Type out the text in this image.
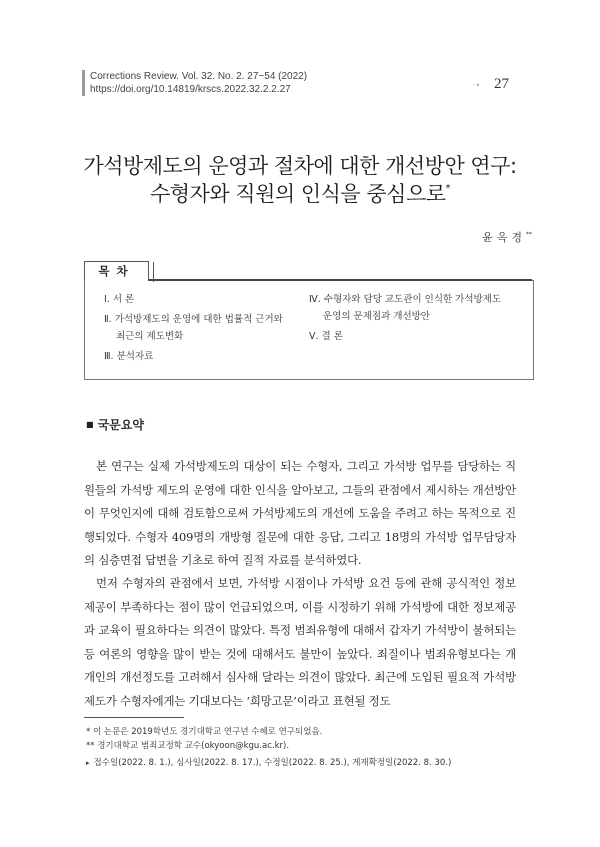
Corrections Review. Vol. 32. No. 2. 27~54 (2022)
https://doi.org/10.14819/krscs.2022.32.2.2.27	· ◂ 27
가석방제도의 운영과 절차에 대한 개선방안 연구:
수형자와 직원의 인식을 중심으로*
윤옥경**
목차
Ⅰ. 서 론
Ⅱ. 가석방제도의 운영에 대한 법률적 근거와
최근의 제도변화
Ⅲ. 분석자료
Ⅳ. 수형자와 담당 교도관이 인식한 가석방제도
운영의 문제점과 개선방안
Ⅴ. 결 론
■ 국문요약
본 연구는 실제 가석방제도의 대상이 되는 수형자, 그리고 가석방 업무를 담당하는 직원들의 가석방 제도의 운영에 대한 인식을 알아보고, 그들의 관점에서 제시하는 개선방안이 무엇인지에 대해 검토함으로써 가석방제도의 개선에 도움을 주려고 하는 목적으로 진행되었다. 수형자 409명의 개방형 질문에 대한 응답, 그리고 18명의 가석방 업무담당자의 심층면접 답변을 기초로 하여 질적 자료를 분석하였다.
먼저 수형자의 관점에서 보면, 가석방 시점이나 가석방 요건 등에 관해 공식적인 정보제공이 부족하다는 점이 많이 언급되었으며, 이를 시정하기 위해 가석방에 대한 정보제공과 교육이 필요하다는 의견이 많았다. 특정 범죄유형에 대해서 갑자기 가석방이 불허되는 등 여론의 영향을 많이 받는 것에 대해서도 불만이 높았다. 죄질이나 범죄유형보다는 개개인의 개선정도를 고려해서 심사해 달라는 의견이 많았다. 최근에 도입된 필요적 가석방 제도가 수형자에게는 기대보다는 ‘희망고문’이라고 표현될 정도
* 이 논문은 2019학년도 경기대학교 연구년 수혜로 연구되었음.
** 경기대학교 범죄교정학 교수(okyoon@kgu.ac.kr).
▸ 접수일(2022. 8. 1.), 심사일(2022. 8. 17.), 수정일(2022. 8. 25.), 게재확정일(2022. 8. 30.)
